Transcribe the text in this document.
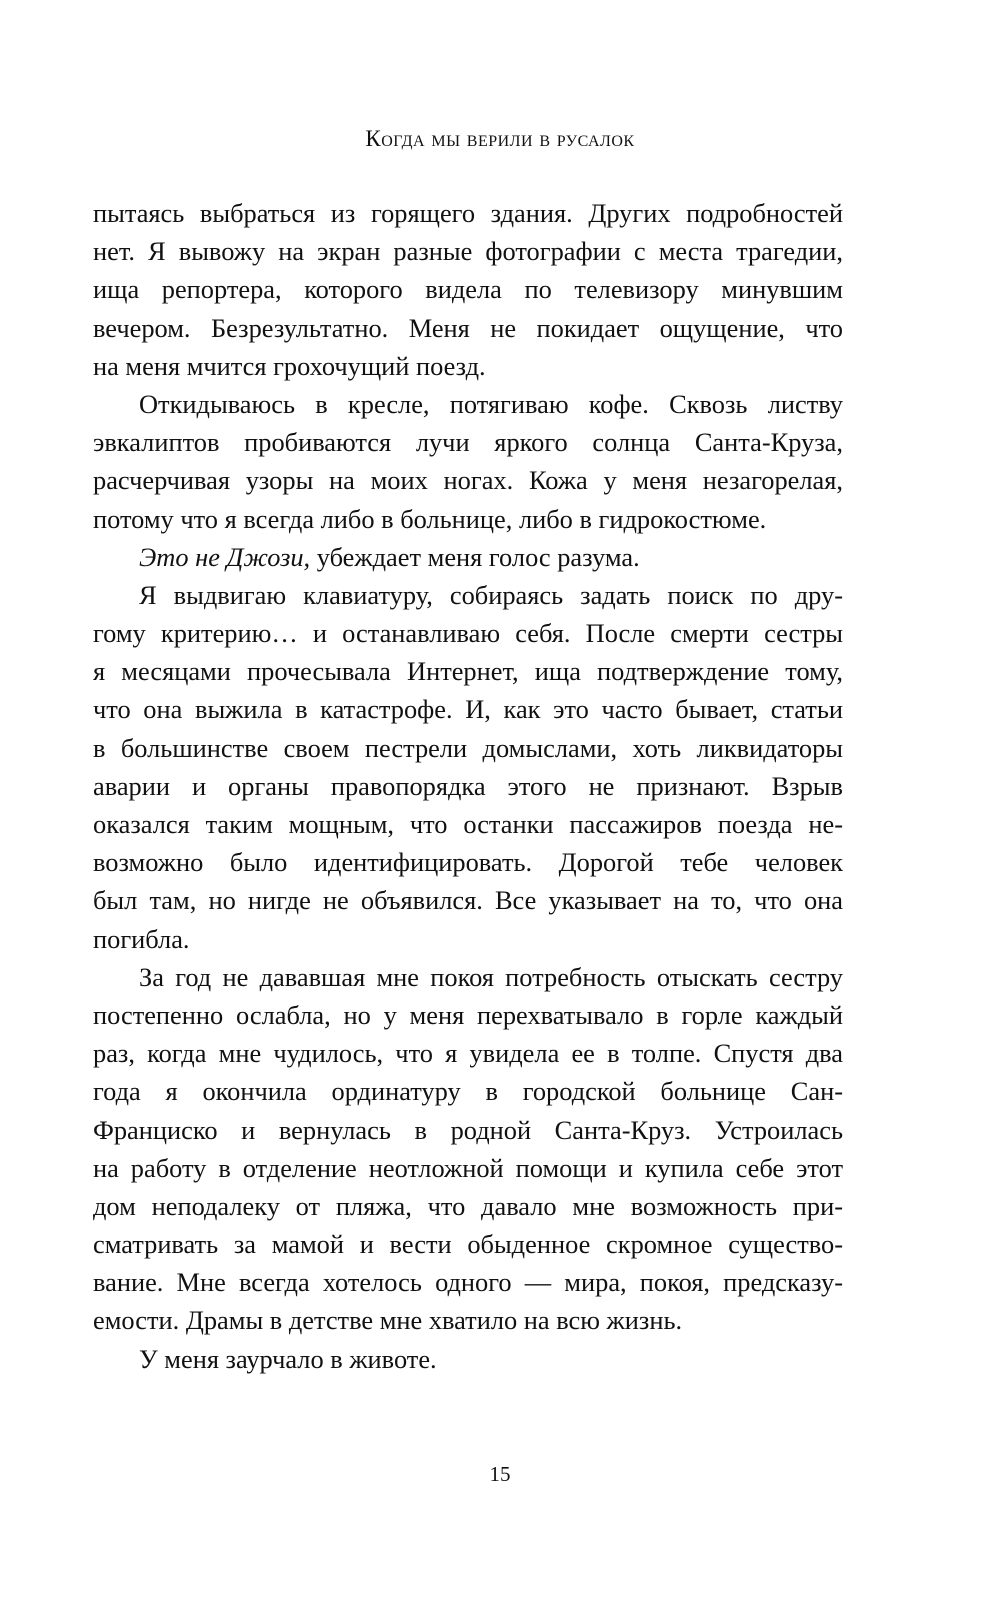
Когда мы верили в русалок
пытаясь выбраться из горящего здания. Других подробностей
нет. Я вывожу на экран разные фотографии с места трагедии,
ища репортера, которого видела по телевизору минувшим
вечером. Безрезультатно. Меня не покидает ощущение, что
на меня мчится грохочущий поезд.
Откидываюсь в кресле, потягиваю кофе. Сквозь листву
эвкалиптов пробиваются лучи яркого солнца Санта-Круза,
расчерчивая узоры на моих ногах. Кожа у меня незагорелая,
потому что я всегда либо в больнице, либо в гидрокостюме.
Это не Джози, убеждает меня голос разума.
Я выдвигаю клавиатуру, собираясь задать поиск по дру-
гому критерию… и останавливаю себя. После смерти сестры
я месяцами прочесывала Интернет, ища подтверждение тому,
что она выжила в катастрофе. И, как это часто бывает, статьи
в большинстве своем пестрели домыслами, хоть ликвидаторы
аварии и органы правопорядка этого не признают. Взрыв
оказался таким мощным, что останки пассажиров поезда не-
возможно было идентифицировать. Дорогой тебе человек
был там, но нигде не объявился. Все указывает на то, что она
погибла.
За год не дававшая мне покоя потребность отыскать сестру
постепенно ослабла, но у меня перехватывало в горле каждый
раз, когда мне чудилось, что я увидела ее в толпе. Спустя два
года я окончила ординатуру в городской больнице Сан-
Франциско и вернулась в родной Санта-Круз. Устроилась
на работу в отделение неотложной помощи и купила себе этот
дом неподалеку от пляжа, что давало мне возможность при-
сматривать за мамой и вести обыденное скромное существо-
вание. Мне всегда хотелось одного — мира, покоя, предсказу-
емости. Драмы в детстве мне хватило на всю жизнь.
У меня заурчало в животе.
15
